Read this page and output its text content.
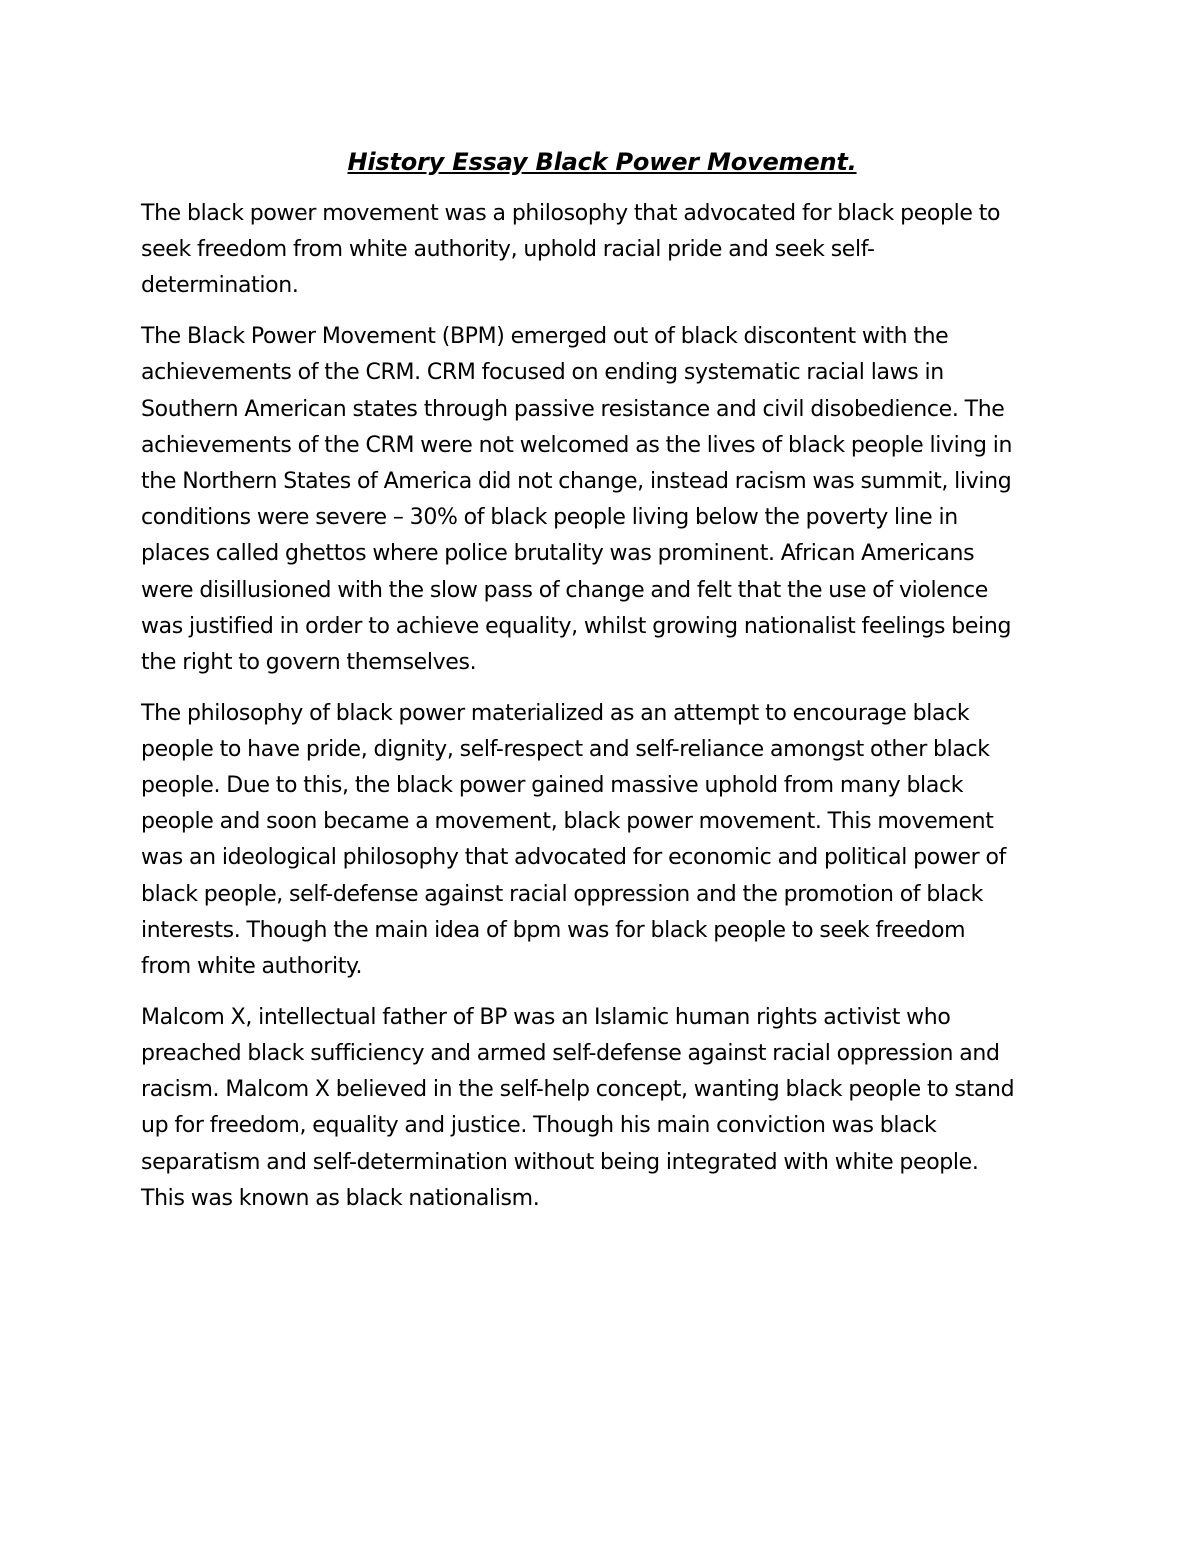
History Essay Black Power Movement.

The black power movement was a philosophy that advocated for black people to
seek freedom from white authority, uphold racial pride and seek self-
determination.

The Black Power Movement (BPM) emerged out of black discontent with the
achievements of the CRM. CRM focused on ending systematic racial laws in
Southern American states through passive resistance and civil disobedience. The
achievements of the CRM were not welcomed as the lives of black people living in
the Northern States of America did not change, instead racism was summit, living
conditions were severe – 30% of black people living below the poverty line in
places called ghettos where police brutality was prominent. African Americans
were disillusioned with the slow pass of change and felt that the use of violence
was justified in order to achieve equality, whilst growing nationalist feelings being
the right to govern themselves.

The philosophy of black power materialized as an attempt to encourage black
people to have pride, dignity, self-respect and self-reliance amongst other black
people. Due to this, the black power gained massive uphold from many black
people and soon became a movement, black power movement. This movement
was an ideological philosophy that advocated for economic and political power of
black people, self-defense against racial oppression and the promotion of black
interests. Though the main idea of bpm was for black people to seek freedom
from white authority.

Malcom X, intellectual father of BP was an Islamic human rights activist who
preached black sufficiency and armed self-defense against racial oppression and
racism. Malcom X believed in the self-help concept, wanting black people to stand
up for freedom, equality and justice. Though his main conviction was black
separatism and self-determination without being integrated with white people.
This was known as black nationalism.
